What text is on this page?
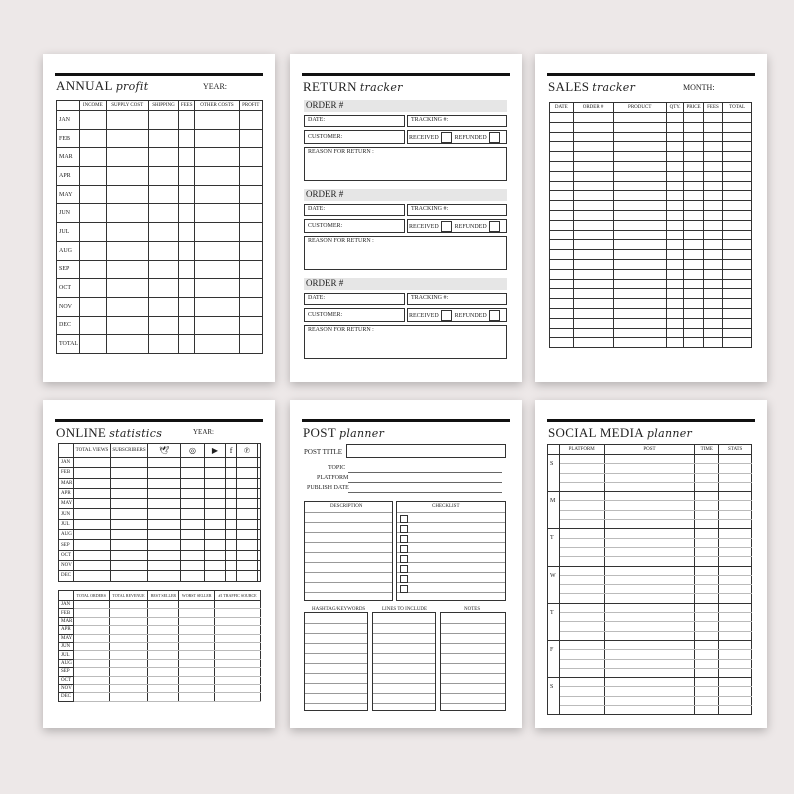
ANNUAL profit	YEAR:
	INCOME	SUPPLY COST	SHIPPING	FEES	OTHER COSTS	PROFIT
JAN						
FEB						
MAR						
APR						
MAY						
JUN						
JUL						
AUG						
SEP						
OCT						
NOV						
DEC						
TOTAL						
RETURN tracker
ORDER #
DATE:	TRACKING #:
CUSTOMER:	RECEIVED	REFUNDED
REASON FOR RETURN :
ORDER #
DATE:	TRACKING #:
CUSTOMER:	RECEIVED	REFUNDED
REASON FOR RETURN :
ORDER #
DATE:	TRACKING #:
CUSTOMER:	RECEIVED	REFUNDED
REASON FOR RETURN :
SALES tracker	MONTH:
DATE	ORDER #	PRODUCT	QTY.	PRICE	FEES	TOTAL

ONLINE statistics	YEAR:
	TOTAL VIEWS	SUBSCRIBERS	🕊	◎	▶	f	℗	
JAN								
FEB								
MAR								
APR								
MAY								
JUN								
JUL								
AUG								
SEP								
OCT								
NOV								
DEC								
	TOTAL ORDERS	TOTAL REVENUE	BEST SELLER	WORST SELLER	#1 TRAFFIC SOURCE
JAN					
FEB					
MAR					
APR					
MAY					
JUN					
JUL					
AUG					
SEP					
OCT					
NOV					
DEC					
POST planner
POST TITLE
TOPIC
PLATFORM
PUBLISH DATE
DESCRIPTION	CHECKLIST
HASHTAG/KEYWORDS	LINES TO INCLUDE	NOTES
SOCIAL MEDIA planner
	PLATFORM	POST	TIME	STATS
S				

M				

T				

W				

T				

F				

S				
